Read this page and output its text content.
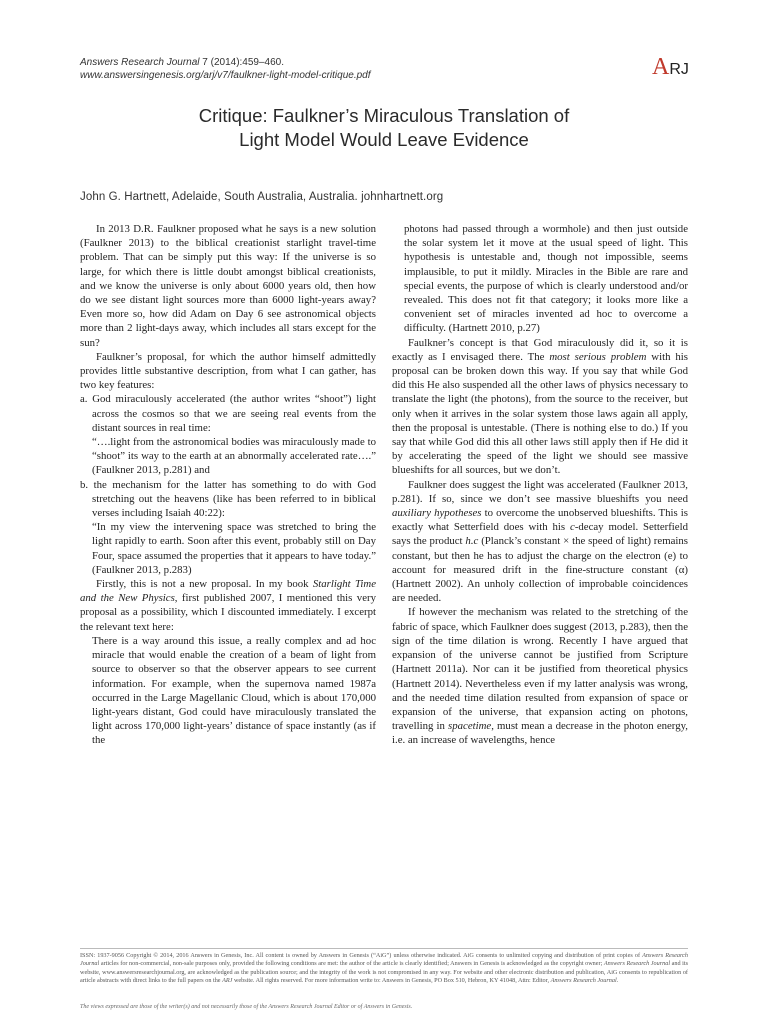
Answers Research Journal 7 (2014):459–460.
www.answersingenesis.org/arj/v7/faulkner-light-model-critique.pdf	ARJ
Critique: Faulkner’s Miraculous Translation of
Light Model Would Leave Evidence
John G. Hartnett, Adelaide, South Australia, Australia. johnhartnett.org

In 2013 D.R. Faulkner proposed what he says is a new solution (Faulkner 2013) to the biblical creationist starlight travel-time problem. That can be simply put this way: If the universe is so large, for which there is little doubt amongst biblical creationists, and we know the universe is only about 6000 years old, then how do we see distant light sources more than 6000 light-years away? Even more so, how did Adam on Day 6 see astronomical objects more than 2 light-days away, which includes all stars except for the sun?

Faulkner’s proposal, for which the author himself admittedly provides little substantive description, from what I can gather, has two key features:

a. God miraculously accelerated (the author writes “shoot”) light across the cosmos so that we are seeing real events from the distant sources in real time:

“….light from the astronomical bodies was miraculously made to “shoot” its way to the earth at an abnormally accelerated rate….” (Faulkner 2013, p.281) and

b. the mechanism for the latter has something to do with God stretching out the heavens (like has been referred to in biblical verses including Isaiah 40:22):

“In my view the intervening space was stretched to bring the light rapidly to earth. Soon after this event, probably still on Day Four, space assumed the properties that it appears to have today.” (Faulkner 2013, p.283)

Firstly, this is not a new proposal. In my book Starlight Time and the New Physics, first published 2007, I mentioned this very proposal as a possibility, which I discounted immediately. I excerpt the relevant text here:

There is a way around this issue, a really complex and ad hoc miracle that would enable the creation of a beam of light from source to observer so that the observer appears to see current information. For example, when the supernova named 1987a occurred in the Large Magellanic Cloud, which is about 170,000 light-years distant, God could have miraculously translated the light across 170,000 light-years’ distance of space instantly (as if the

photons had passed through a wormhole) and then just outside the solar system let it move at the usual speed of light. This hypothesis is untestable and, though not impossible, seems implausible, to put it mildly. Miracles in the Bible are rare and special events, the purpose of which is clearly understood and/or revealed. This does not fit that category; it looks more like a convenient set of miracles invented ad hoc to overcome a difficulty. (Hartnett 2010, p.27)

Faulkner’s concept is that God miraculously did it, so it is exactly as I envisaged there. The most serious problem with his proposal can be broken down this way. If you say that while God did this He also suspended all the other laws of physics necessary to translate the light (the photons), from the source to the receiver, but only when it arrives in the solar system those laws again all apply, then the proposal is untestable. (There is nothing else to do.) If you say that while God did this all other laws still apply then if He did it by accelerating the speed of the light we should see massive blueshifts for all sources, but we don’t.

Faulkner does suggest the light was accelerated (Faulkner 2013, p.281). If so, since we don’t see massive blueshifts you need auxiliary hypotheses to overcome the unobserved blueshifts. This is exactly what Setterfield does with his c-decay model. Setterfield says the product h.c (Planck’s constant × the speed of light) remains constant, but then he has to adjust the charge on the electron (e) to account for measured drift in the fine-structure constant (α) (Hartnett 2002). An unholy collection of improbable coincidences are needed.

If however the mechanism was related to the stretching of the fabric of space, which Faulkner does suggest (2013, p.283), then the sign of the time dilation is wrong. Recently I have argued that expansion of the universe cannot be justified from Scripture (Hartnett 2011a). Nor can it be justified from theoretical physics (Hartnett 2014). Nevertheless even if my latter analysis was wrong, and the needed time dilation resulted from expansion of space or expansion of the universe, that expansion acting on photons, travelling in spacetime, must mean a decrease in the photon energy, i.e. an increase of wavelengths, hence

ISSN: 1937-9056 Copyright © 2014, 2016 Answers in Genesis, Inc. All content is owned by Answers in Genesis (“AiG”) unless otherwise indicated. AiG consents to unlimited copying and distribution of print copies of Answers Research Journal articles for non-commercial, non-sale purposes only, provided the following conditions are met: the author of the article is clearly identified; Answers in Genesis is acknowledged as the copyright owner; Answers Research Journal and its website, www.answersresearchjournal.org, are acknowledged as the publication source; and the integrity of the work is not compromised in any way. For website and other electronic distribution and publication, AiG consents to republication of article abstracts with direct links to the full papers on the ARJ website. All rights reserved. For more information write to: Answers in Genesis, PO Box 510, Hebron, KY 41048, Attn: Editor, Answers Research Journal.
The views expressed are those of the writer(s) and not necessarily those of the Answers Research Journal Editor or of Answers in Genesis.
